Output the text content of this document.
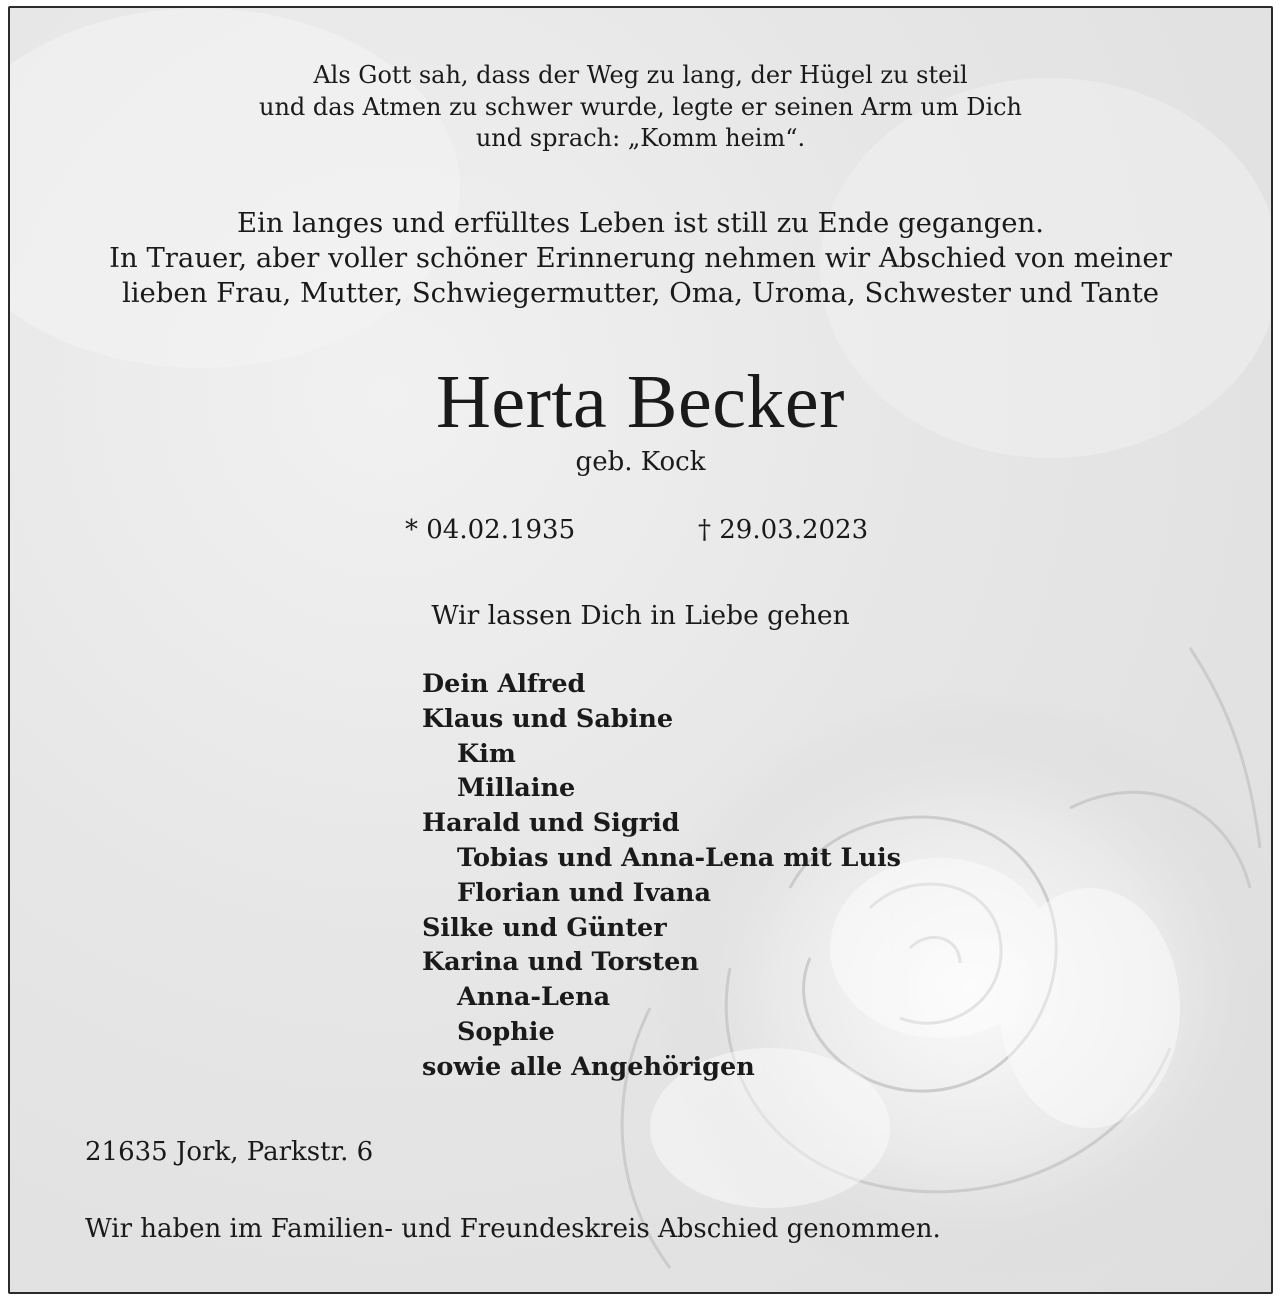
Als Gott sah, dass der Weg zu lang, der Hügel zu steil
und das Atmen zu schwer wurde, legte er seinen Arm um Dich
und sprach: „Komm heim“.
Ein langes und erfülltes Leben ist still zu Ende gegangen.
In Trauer, aber voller schöner Erinnerung nehmen wir Abschied von meiner
lieben Frau, Mutter, Schwiegermutter, Oma, Uroma, Schwester und Tante
Herta Becker
geb. Kock
* 04.02.1935	† 29.03.2023
Wir lassen Dich in Liebe gehen
Dein Alfred
Klaus und Sabine
Kim
Millaine
Harald und Sigrid
Tobias und Anna-Lena mit Luis
Florian und Ivana
Silke und Günter
Karina und Torsten
Anna-Lena
Sophie
sowie alle Angehörigen
21635 Jork, Parkstr. 6
Wir haben im Familien- und Freundeskreis Abschied genommen.
